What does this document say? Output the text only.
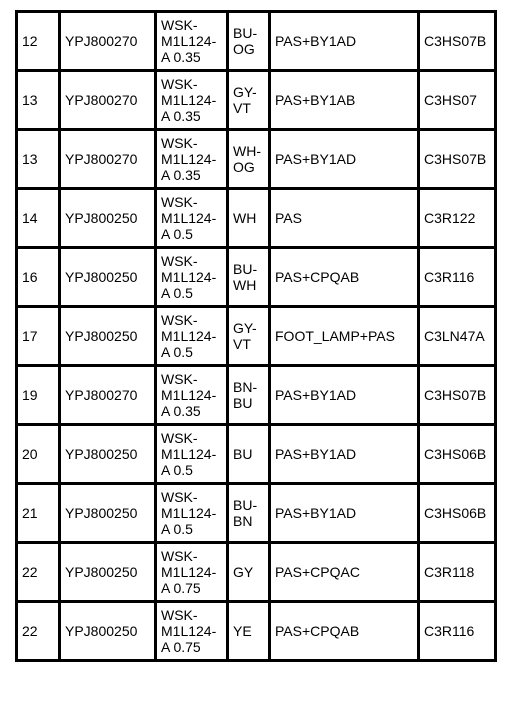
12	YPJ800270	WSK-
M1L124-
A 0.35	BU-
OG	PAS+BY1AD	C3HS07B
13	YPJ800270	WSK-
M1L124-
A 0.35	GY-
VT	PAS+BY1AB	C3HS07
13	YPJ800270	WSK-
M1L124-
A 0.35	WH-
OG	PAS+BY1AD	C3HS07B
14	YPJ800250	WSK-
M1L124-
A 0.5	WH	PAS	C3R122
16	YPJ800250	WSK-
M1L124-
A 0.5	BU-
WH	PAS+CPQAB	C3R116
17	YPJ800250	WSK-
M1L124-
A 0.5	GY-
VT	FOOT_LAMP+PAS	C3LN47A
19	YPJ800270	WSK-
M1L124-
A 0.35	BN-
BU	PAS+BY1AD	C3HS07B
20	YPJ800250	WSK-
M1L124-
A 0.5	BU	PAS+BY1AD	C3HS06B
21	YPJ800250	WSK-
M1L124-
A 0.5	BU-
BN	PAS+BY1AD	C3HS06B
22	YPJ800250	WSK-
M1L124-
A 0.75	GY	PAS+CPQAC	C3R118
22	YPJ800250	WSK-
M1L124-
A 0.75	YE	PAS+CPQAB	C3R116
